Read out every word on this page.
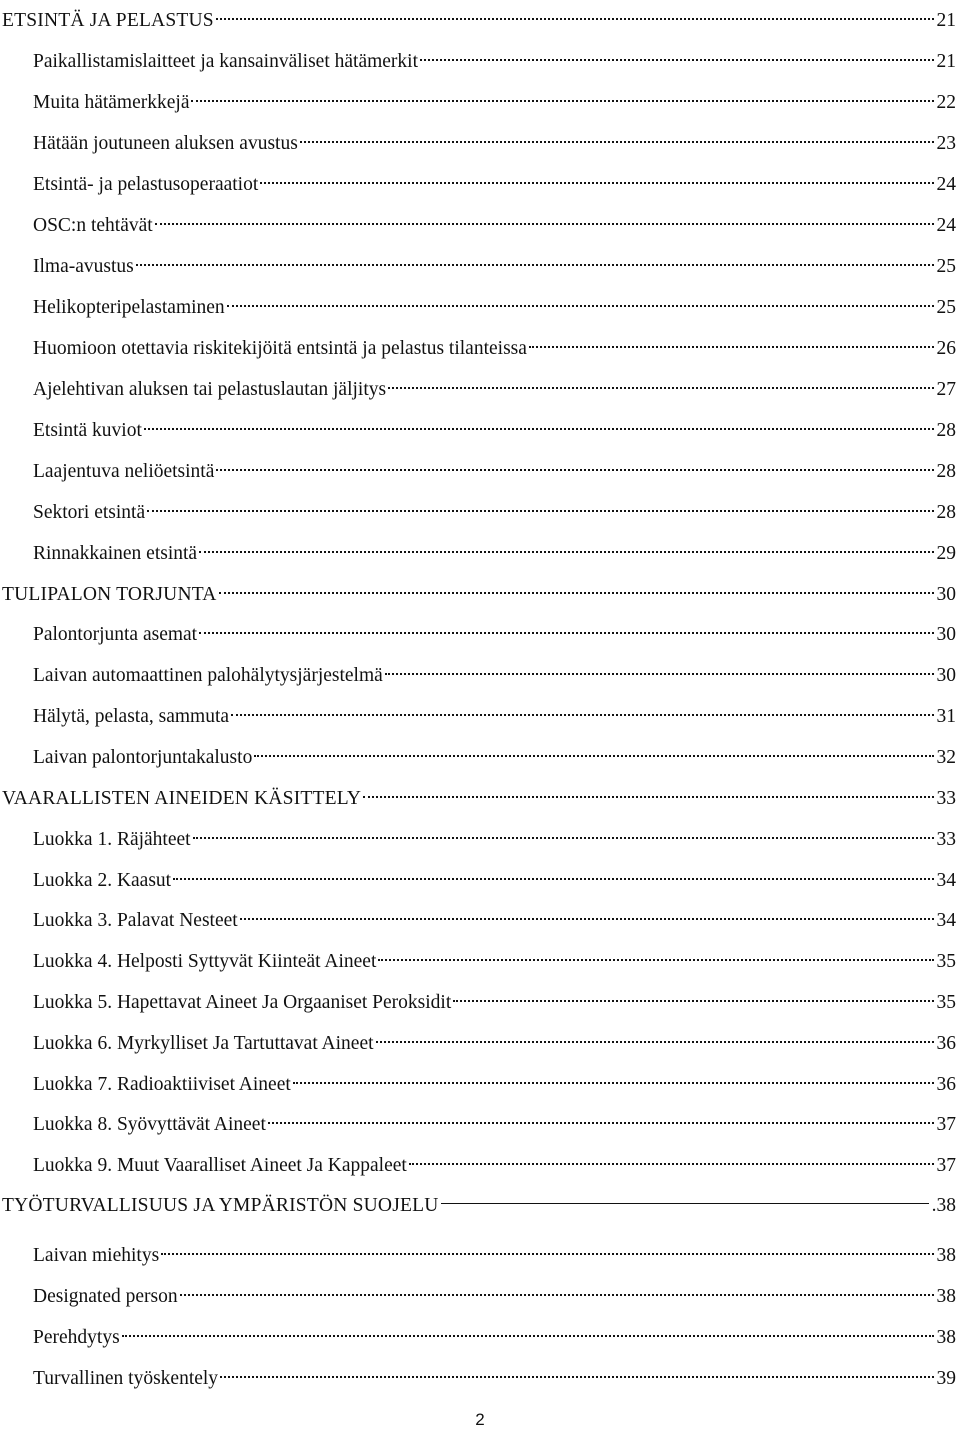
ETSINTÄ JA PELASTUS	21
Paikallistamislaitteet ja kansainväliset hätämerkit	21
Muita hätämerkkejä	22
Hätään joutuneen aluksen avustus	23
Etsintä- ja pelastusoperaatiot	24
OSC:n tehtävät	24
Ilma-avustus	25
Helikopteripelastaminen	25
Huomioon otettavia riskitekijöitä entsintä ja pelastus tilanteissa	26
Ajelehtivan aluksen tai pelastuslautan jäljitys	27
Etsintä kuviot	28
Laajentuva neliöetsintä	28
Sektori etsintä	28
Rinnakkainen etsintä	29
TULIPALON TORJUNTA	30
Palontorjunta asemat	30
Laivan automaattinen palohälytysjärjestelmä	30
Hälytä, pelasta, sammuta	31
Laivan palontorjuntakalusto	32
VAARALLISTEN AINEIDEN KÄSITTELY	33
Luokka 1. Räjähteet	33
Luokka 2. Kaasut	34
Luokka 3. Palavat Nesteet	34
Luokka 4. Helposti Syttyvät Kiinteät Aineet	35
Luokka 5. Hapettavat Aineet Ja Orgaaniset Peroksidit	35
Luokka 6. Myrkylliset Ja Tartuttavat Aineet	36
Luokka 7. Radioaktiiviset Aineet	36
Luokka 8. Syövyttävät Aineet	37
Luokka 9. Muut Vaaralliset Aineet Ja Kappaleet	37
TYÖTURVALLISUUS JA YMPÄRISTÖN SUOJELU	.38
Laivan miehitys	38
Designated person	38
Perehdytys	38
Turvallinen työskentely	39
2
